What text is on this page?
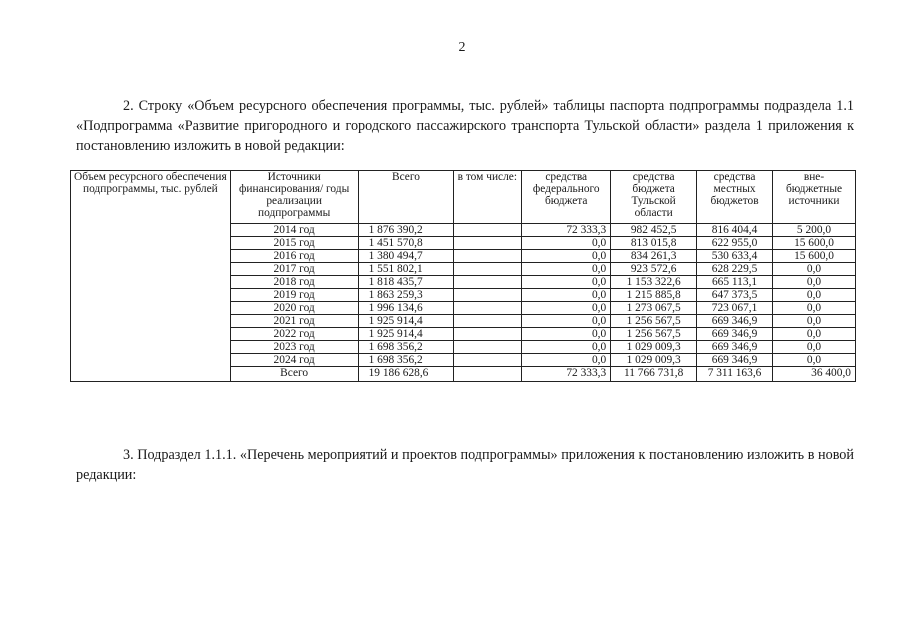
2
2. Строку «Объем ресурсного обеспечения программы, тыс. рублей» таблицы паспорта подпрограммы подраздела 1.1 «Подпрограмма «Развитие пригородного и городского пассажирского транспорта Тульской области» раздела 1 приложения к постановлению изложить в новой редакции:
Объем ресурсного обеспечения подпрограммы, тыс. рублей	Источники финансирования/ годы реализации подпрограммы	Всего	в том числе:	средства федерального бюджета	средства бюджета Тульской области	средства местных бюджетов	вне-бюджетные источники
	2014 год	1 876 390,2		72 333,3	982 452,5	816 404,4	5 200,0
	2015 год	1 451 570,8		0,0	813 015,8	622 955,0	15 600,0
	2016 год	1 380 494,7		0,0	834 261,3	530 633,4	15 600,0
	2017 год	1 551 802,1		0,0	923 572,6	628 229,5	0,0
	2018 год	1 818 435,7		0,0	1 153 322,6	665 113,1	0,0
	2019 год	1 863 259,3		0,0	1 215 885,8	647 373,5	0,0
	2020 год	1 996 134,6		0,0	1 273 067,5	723 067,1	0,0
	2021 год	1 925 914,4		0,0	1 256 567,5	669 346,9	0,0
	2022 год	1 925 914,4		0,0	1 256 567,5	669 346,9	0,0
	2023 год	1 698 356,2		0,0	1 029 009,3	669 346,9	0,0
	2024 год	1 698 356,2		0,0	1 029 009,3	669 346,9	0,0
	Всего	19 186 628,6		72 333,3	11 766 731,8	7 311 163,6	36 400,0
3. Подраздел 1.1.1. «Перечень мероприятий и проектов подпрограммы» приложения к постановлению изложить в новой редакции:
